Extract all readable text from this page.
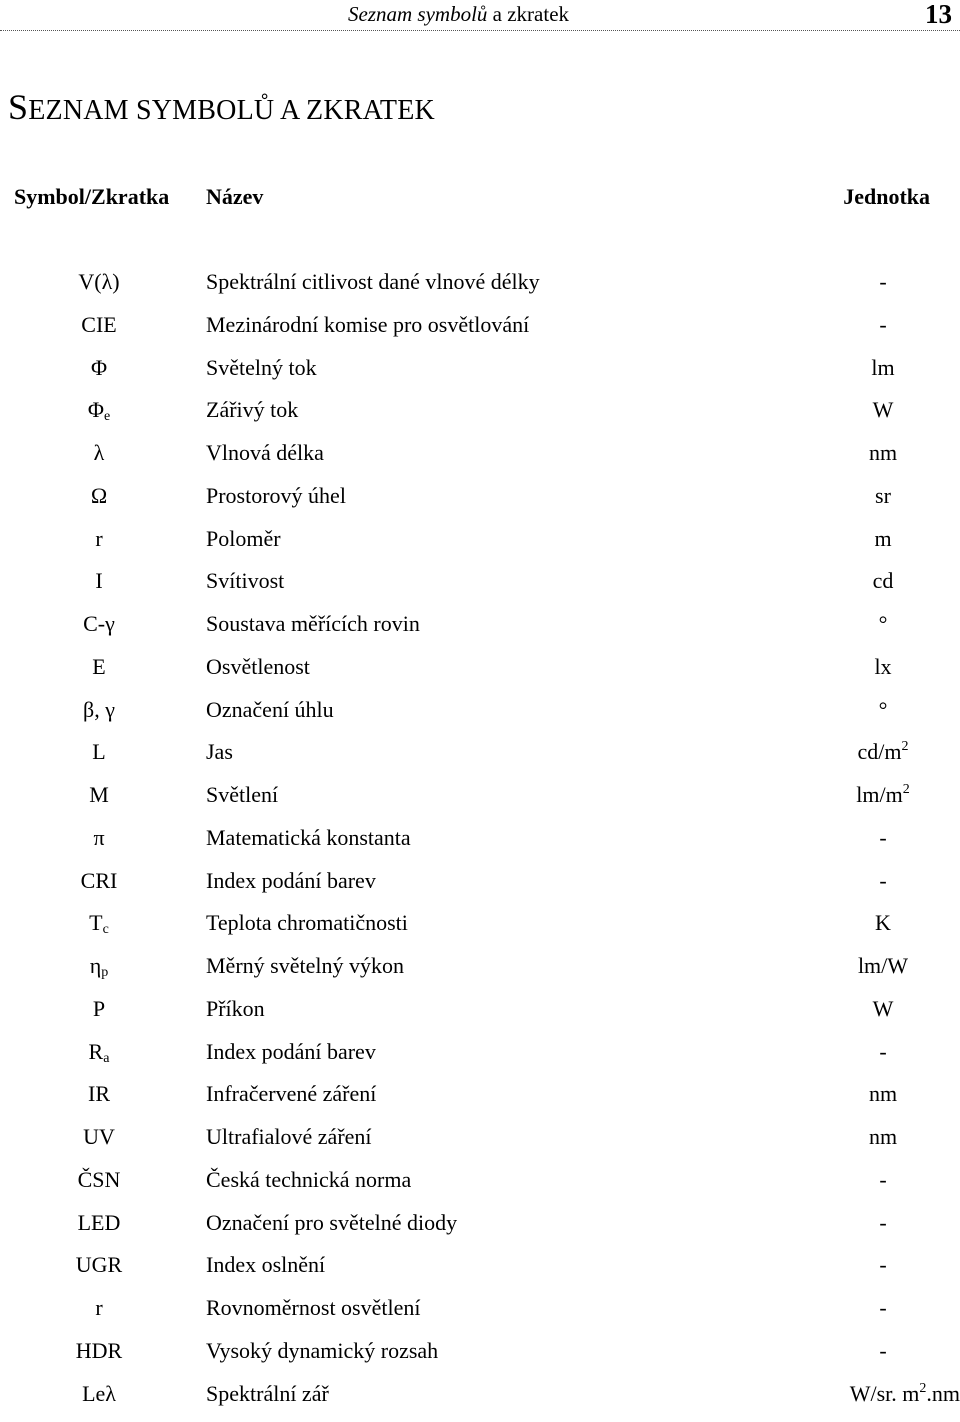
Seznam symbolů a zkratek	13
SEZNAM SYMBOLŮ A ZKRATEK
Symbol/Zkratka Název	Jednotka
V(λ)	Spektrální citlivost dané vlnové délky	-
CIE	Mezinárodní komise pro osvětlování	-
Φ	Světelný tok	lm
$\Phi_e$	Zářivý tok	W
λ	Vlnová délka	nm
Ω	Prostorový úhel	sr
r	Poloměr	m
I	Svítivost	cd
C-γ	Soustava měřících rovin	°
E	Osvětlenost	lx
β, γ	Označení úhlu	°
L	Jas	$cd/m^2$
M	Světlení	$lm/m^2$
π	Matematická konstanta	-
CRI	Index podání barev	-
$T_c$	Teplota chromatičnosti	K
$\eta_p$	Měrný světelný výkon	lm/W
P	Příkon	W
$R_a$	Index podání barev	-
IR	Infračervené záření	nm
UV	Ultrafialové záření	nm
ČSN	Česká technická norma	-
LED	Označení pro světelné diody	-
UGR	Index oslnění	-
r	Rovnoměrnost osvětlení	-
HDR	Vysoký dynamický rozsah	-
Leλ	Spektrální zář	W/sr. $m^2.nm$
